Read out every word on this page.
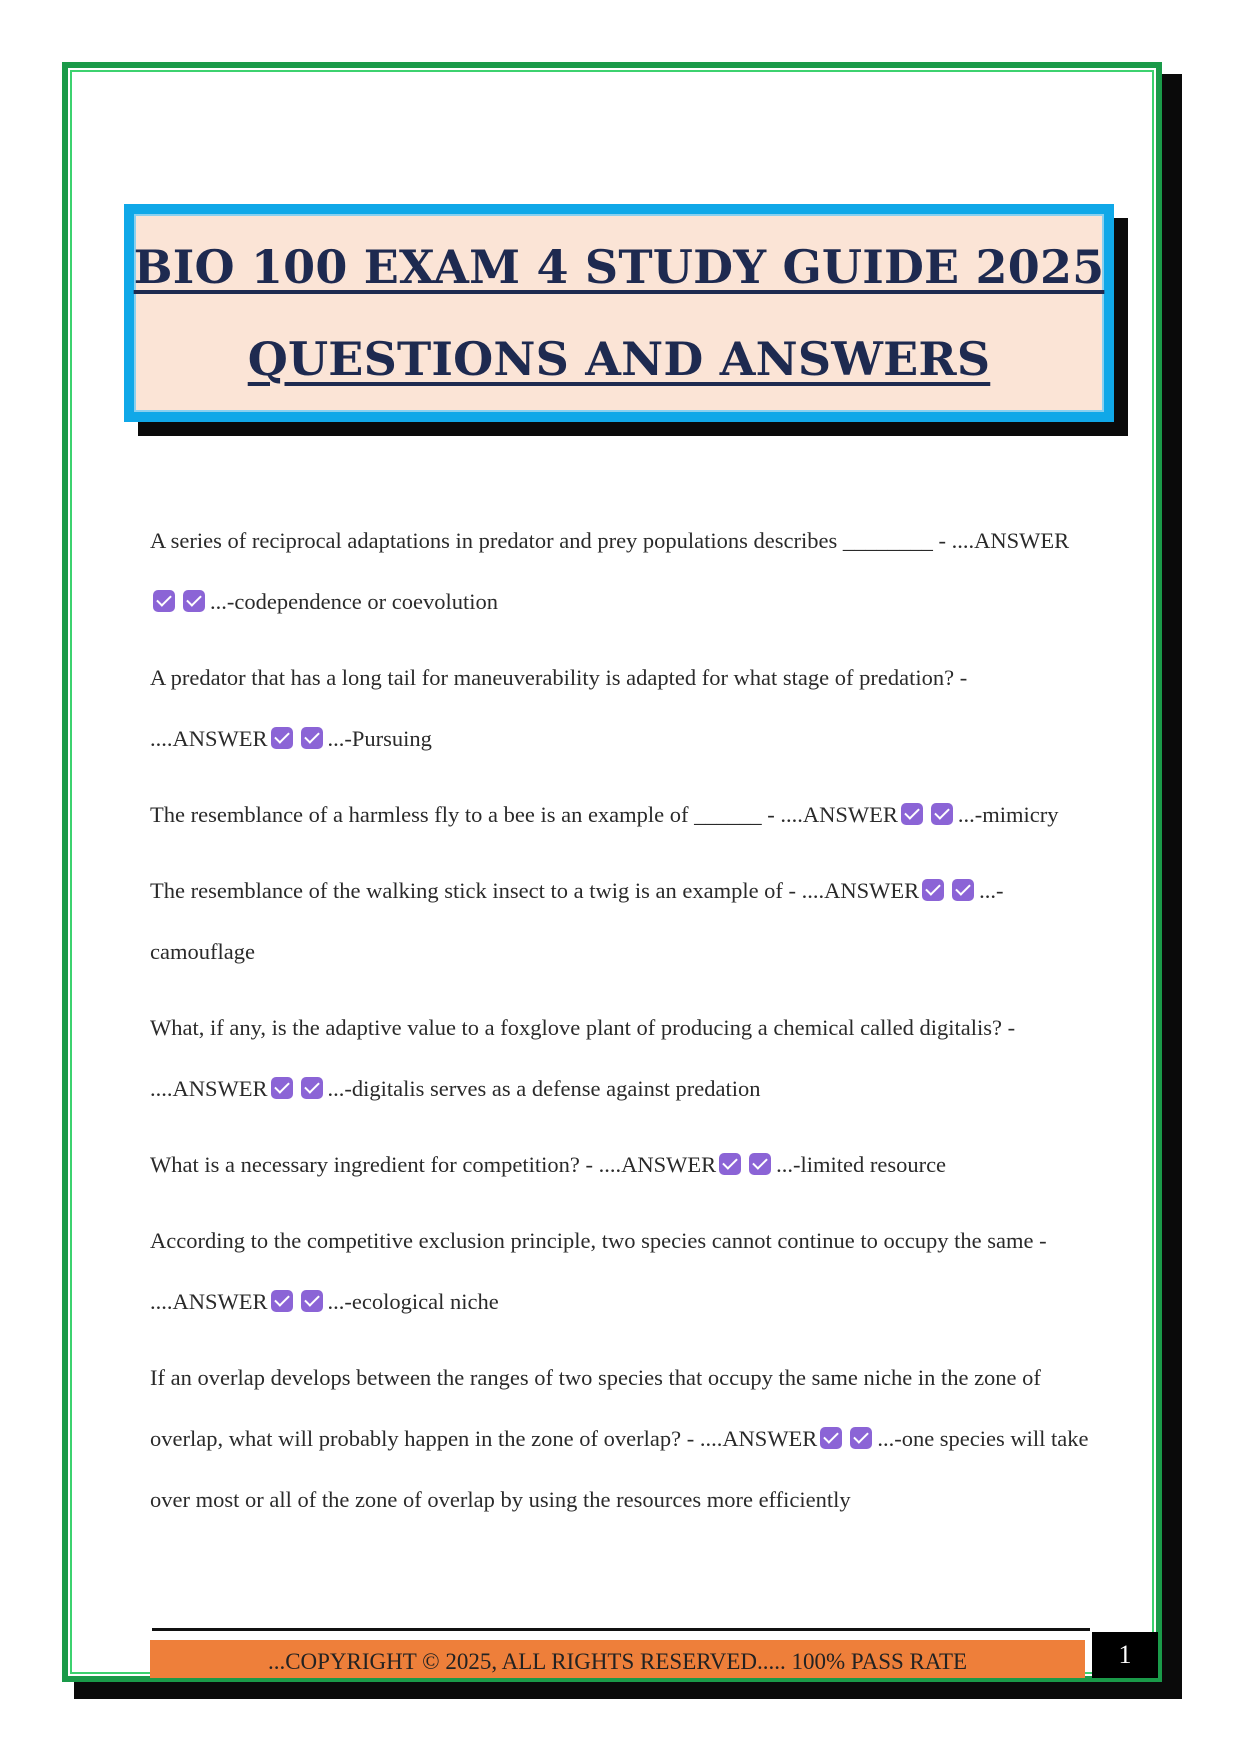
BIO 100 EXAM 4 STUDY GUIDE 2025
QUESTIONS AND ANSWERS

A series of reciprocal adaptations in predator and prey populations describes ________ - ....ANSWER...-codependence or coevolution

A predator that has a long tail for maneuverability is adapted for what stage of predation? - ....ANSWER	...-Pursuing

The resemblance of a harmless fly to a bee is an example of ______ - ....ANSWER	...-mimicry

The resemblance of the walking stick insect to a twig is an example of - ....ANSWER	...-camouflage

What, if any, is the adaptive value to a foxglove plant of producing a chemical called digitalis? - ....ANSWER	...-digitalis serves as a defense against predation

What is a necessary ingredient for competition? - ....ANSWER	...-limited resource

According to the competitive exclusion principle, two species cannot continue to occupy the same - ....ANSWER	...-ecological niche

If an overlap develops between the ranges of two species that occupy the same niche in the zone of overlap, what will probably happen in the zone of overlap? - ....ANSWER	...-one species will take over most or all of the zone of overlap by using the resources more efficiently

...COPYRIGHT © 2025, ALL RIGHTS RESERVED..... 100% PASS RATE	1
